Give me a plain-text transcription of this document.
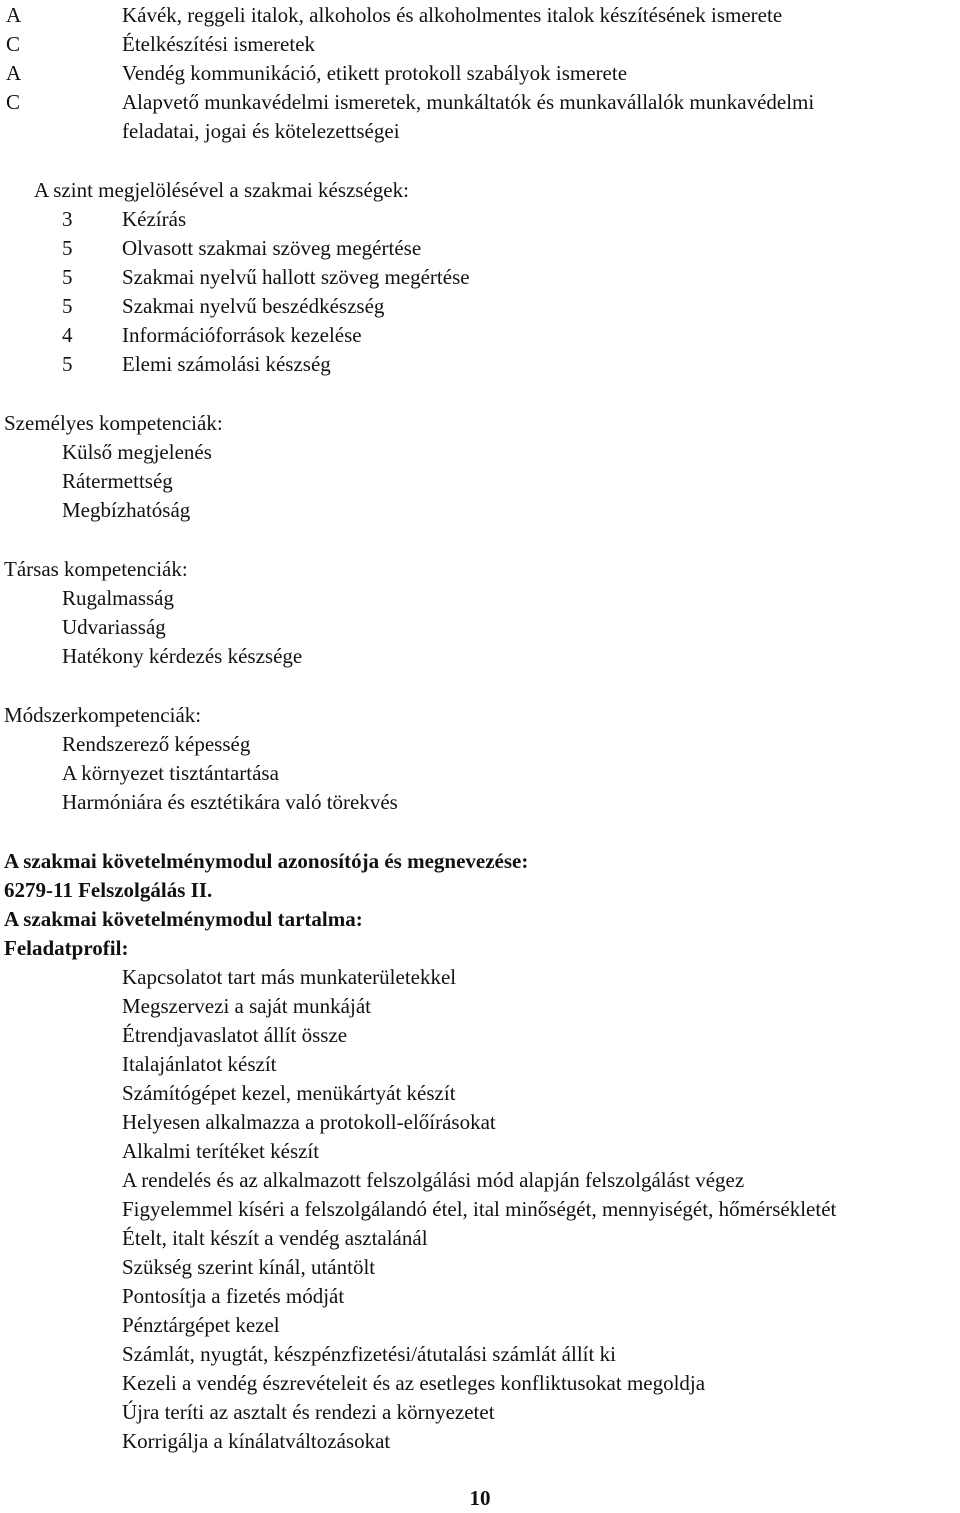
A	Kávék, reggeli italok, alkoholos és alkoholmentes italok készítésének ismerete
C	Ételkészítési ismeretek
A	Vendég kommunikáció, etikett protokoll szabályok ismerete
C	Alapvető munkavédelmi ismeretek, munkáltatók és munkavállalók munkavédelmi
feladatai, jogai és kötelezettségei
A szint megjelölésével a szakmai készségek:
3 Kézírás
5 Olvasott szakmai szöveg megértése
5 Szakmai nyelvű hallott szöveg megértése
5 Szakmai nyelvű beszédkészség
4 Információforrások kezelése
5 Elemi számolási készség
Személyes kompetenciák:
Külső megjelenés
Rátermettség
Megbízhatóság
Társas kompetenciák:
Rugalmasság
Udvariasság
Hatékony kérdezés készsége
Módszerkompetenciák:
Rendszerező képesség
A környezet tisztántartása
Harmóniára és esztétikára való törekvés
A szakmai követelménymodul azonosítója és megnevezése:
6279-11 Felszolgálás II.
A szakmai követelménymodul tartalma:
Feladatprofil:
Kapcsolatot tart más munkaterületekkel
Megszervezi a saját munkáját
Étrendjavaslatot állít össze
Italajánlatot készít
Számítógépet kezel, menükártyát készít
Helyesen alkalmazza a protokoll-előírásokat
Alkalmi terítéket készít
A rendelés és az alkalmazott felszolgálási mód alapján felszolgálást végez
Figyelemmel kíséri a felszolgálandó étel, ital minőségét, mennyiségét, hőmérsékletét
Ételt, italt készít a vendég asztalánál
Szükség szerint kínál, utántölt
Pontosítja a fizetés módját
Pénztárgépet kezel
Számlát, nyugtát, készpénzfizetési/átutalási számlát állít ki
Kezeli a vendég észrevételeit és az esetleges konfliktusokat megoldja
Újra teríti az asztalt és rendezi a környezetet
Korrigálja a kínálatváltozásokat
10
